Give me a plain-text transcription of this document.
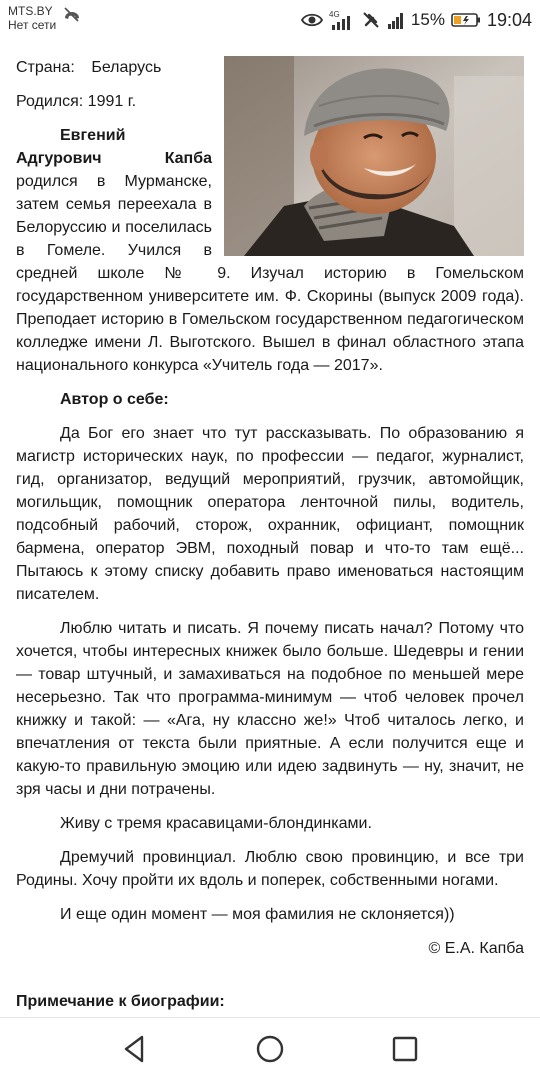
MTS.BY
Нет сети
4G	15% 19:04
Страна: Беларусь
Родился: 1991 г.

Евгений Адгурович Капба родился в Мурманске, затем семья переехала в Белоруссию и поселилась в Гомеле. Учился в средней школе № 9. Изучал историю в Гомельском государственном университете им. Ф. Скорины (выпуск 2009 года). Преподает историю в Гомельском государственном педагогическом колледже имени Л. Выготского. Вышел в финал областного этапа национального конкурса «Учитель года — 2017».

Автор о себе:

Да Бог его знает что тут рассказывать. По образованию я магистр исторических наук, по профессии — педагог, журналист, гид, организатор, ведущий мероприятий, грузчик, автомойщик, могильщик, помощник оператора ленточной пилы, водитель, подсобный рабочий, сторож, охранник, официант, помощник бармена, оператор ЭВМ, походный повар и что-то там ещё... Пытаюсь к этому списку добавить право именоваться настоящим писателем.

Люблю читать и писать. Я почему писать начал? Потому что хочется, чтобы интересных книжек было больше. Шедевры и гении — товар штучный, и замахиваться на подобное по меньшей мере несерьезно. Так что программа-минимум — чтоб человек прочел книжку и такой: — «Ага, ну классно же!» Чтоб читалось легко, и впечатления от текста были приятные. А если получится еще и какую-то правильную эмоцию или идею задвинуть — ну, значит, не зря часы и дни потрачены.

Живу с тремя красавицами-блондинками.

Дремучий провинциал. Люблю свою провинцию, и все три Родины. Хочу пройти их вдоль и поперек, собственными ногами.

И еще один момент — моя фамилия не склоняется))

© Е.А. Капба
Примечание к биографии:
